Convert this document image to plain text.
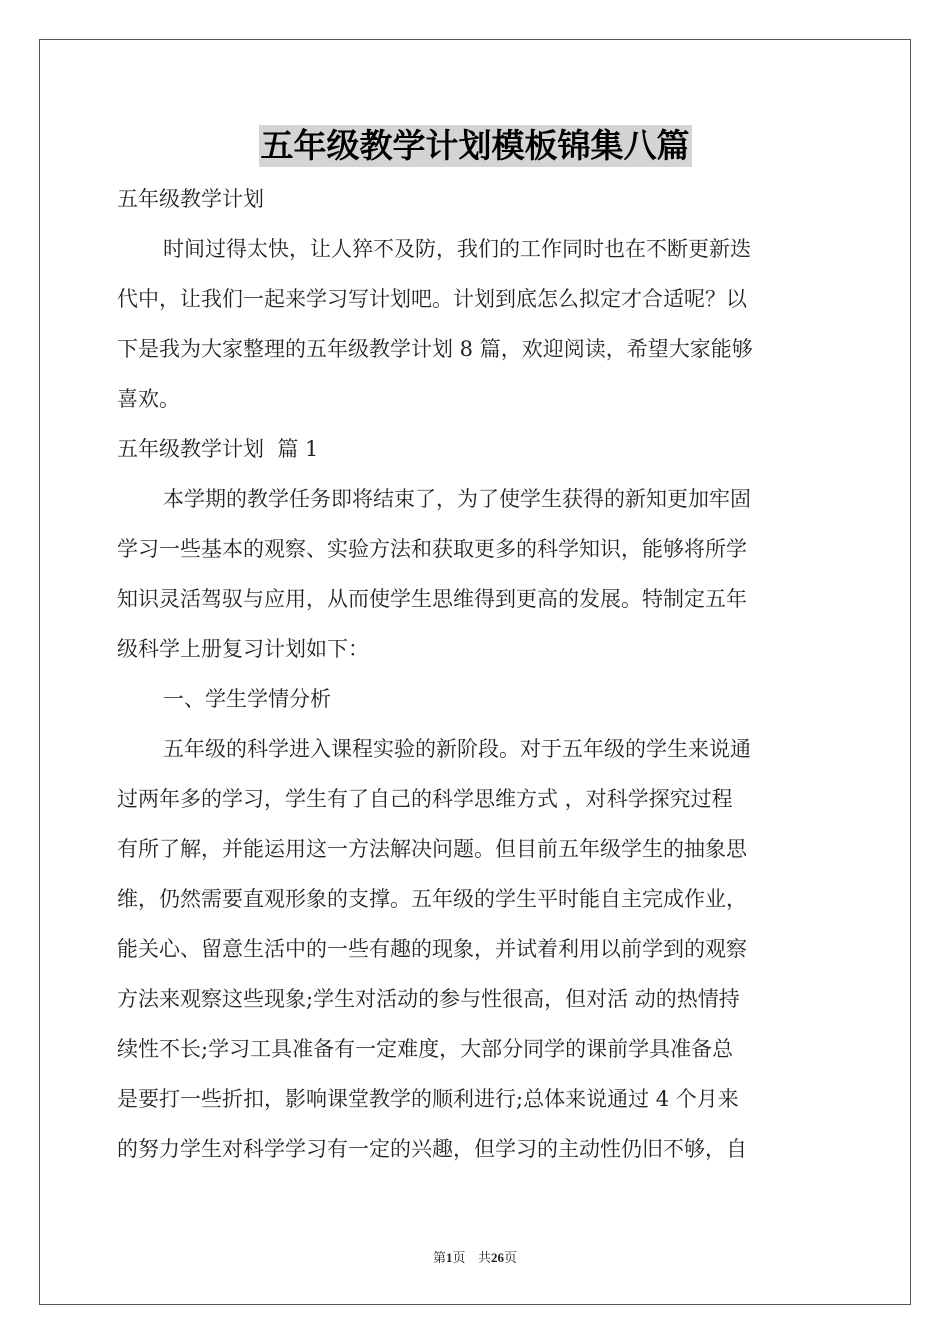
五年级教学计划模板锦集八篇
五年级教学计划
时间过得太快，让人猝不及防，我们的工作同时也在不断更新迭
代中，让我们一起来学习写计划吧。计划到底怎么拟定才合适呢？以
下是我为大家整理的五年级教学计划 8 篇，欢迎阅读，希望大家能够
喜欢。
五年级教学计划  篇 1
本学期的教学任务即将结束了，为了使学生获得的新知更加牢固
学习一些基本的观察、实验方法和获取更多的科学知识，能够将所学
知识灵活驾驭与应用，从而使学生思维得到更高的发展。特制定五年
级科学上册复习计划如下：
一、学生学情分析
五年级的科学进入课程实验的新阶段。对于五年级的学生来说通
过两年多的学习，学生有了自己的科学思维方式 ，对科学探究过程
有所了解，并能运用这一方法解决问题。但目前五年级学生的抽象思
维，仍然需要直观形象的支撑。五年级的学生平时能自主完成作业，
能关心、留意生活中的一些有趣的现象，并试着利用以前学到的观察
方法来观察这些现象;学生对活动的参与性很高，但对活 动的热情持
续性不长;学习工具准备有一定难度，大部分同学的课前学具准备总
是要打一些折扣，影响课堂教学的顺利进行;总体来说通过 4 个月来
的努力学生对科学学习有一定的兴趣，但学习的主动性仍旧不够，自
第1页 共26页
